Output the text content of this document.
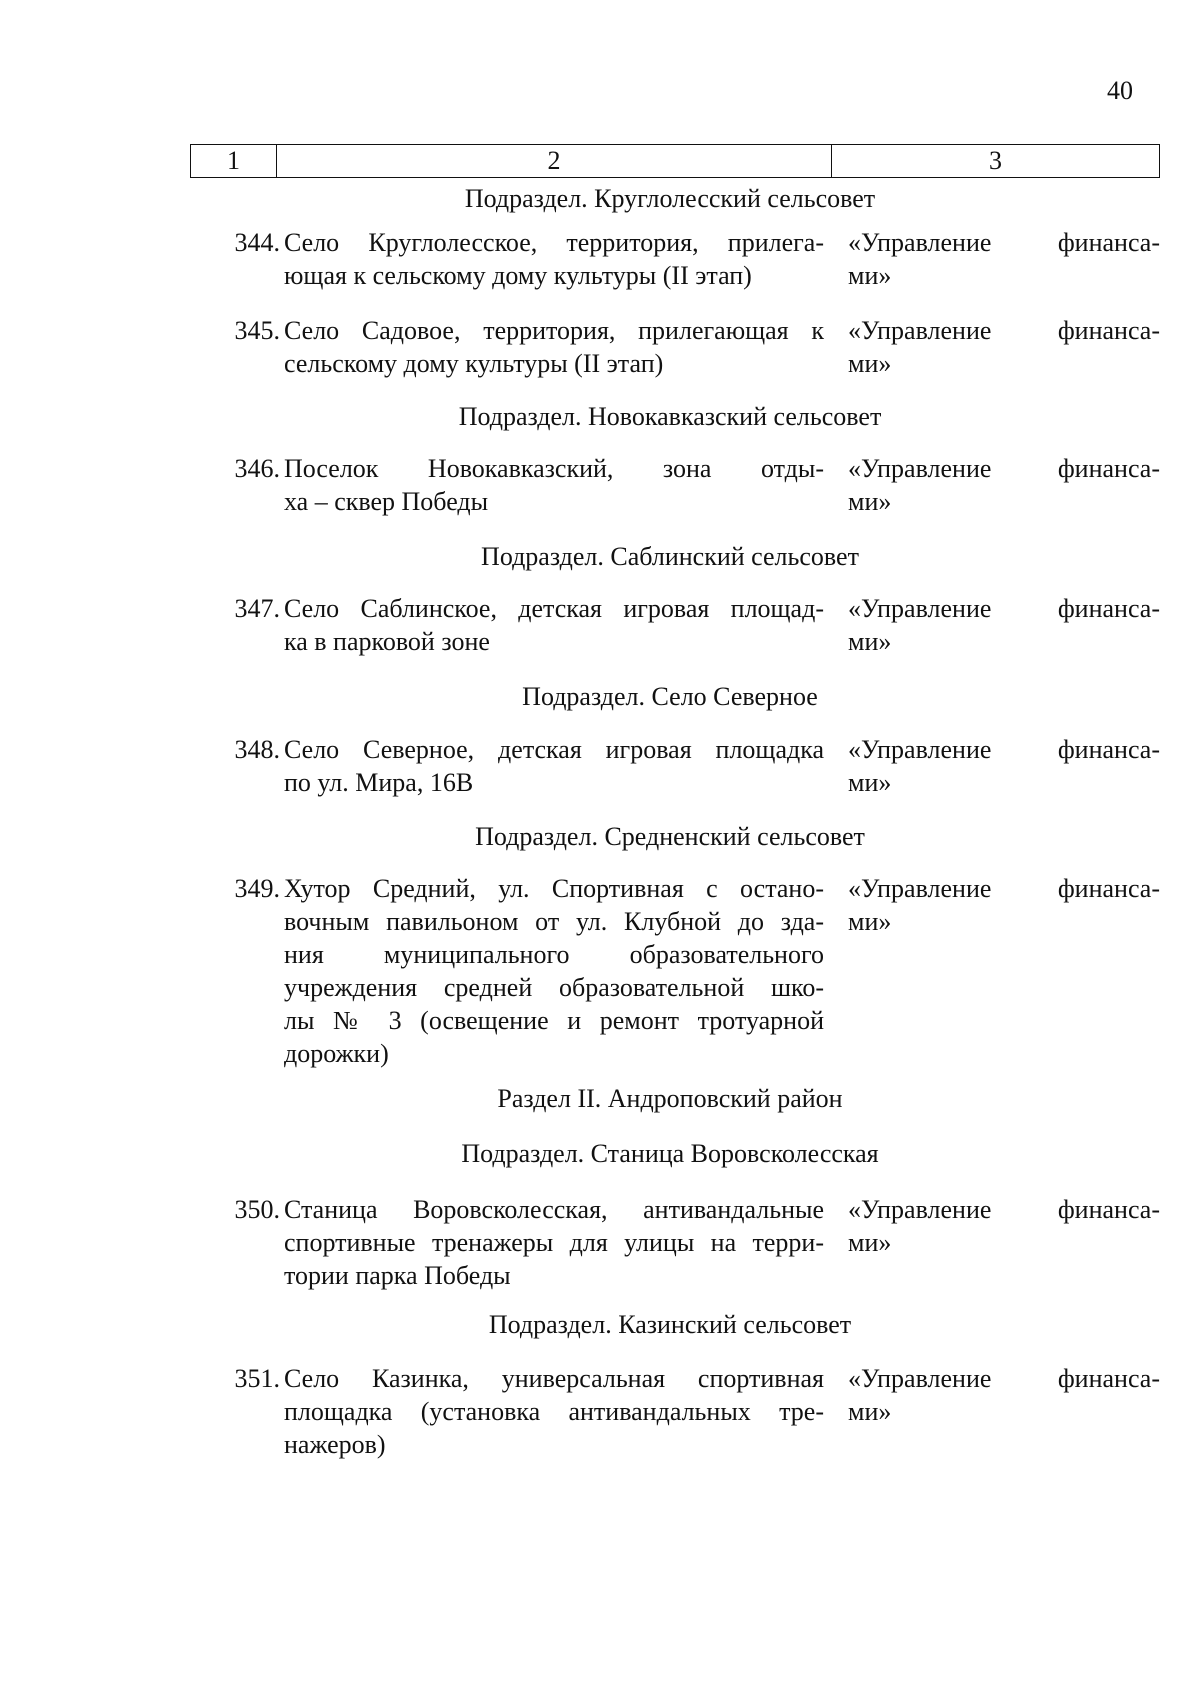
40
1	2	3
Подраздел. Круглолесский сельсовет
344. Село Круглолесское, территория, прилега-
ющая к сельскому дому культуры (II этап)
«Управление финанса-
ми»
345. Село Садовое, территория, прилегающая к
сельскому дому культуры (II этап)
«Управление финанса-
ми»
Подраздел. Новокавказский сельсовет
346. Поселок Новокавказский, зона отды-
ха – сквер Победы
«Управление финанса-
ми»
Подраздел. Саблинский сельсовет
347. Село Саблинское, детская игровая площад-
ка в парковой зоне
«Управление финанса-
ми»
Подраздел. Село Северное
348. Село Северное, детская игровая площадка
по ул. Мира, 16В
«Управление финанса-
ми»
Подраздел. Средненский сельсовет
349. Хутор Средний, ул. Спортивная с остано-
вочным павильоном от ул. Клубной до зда-
ния муниципального образовательного
учреждения средней образовательной шко-
лы № 3 (освещение и ремонт тротуарной
дорожки)
«Управление финанса-
ми»
Раздел II. Андроповский район
Подраздел. Станица Воровсколесская
350. Станица Воровсколесская, антивандальные
спортивные тренажеры для улицы на терри-
тории парка Победы
«Управление финанса-
ми»
Подраздел. Казинский сельсовет
351. Село Казинка, универсальная спортивная
площадка (установка антивандальных тре-
нажеров)
«Управление финанса-
ми»
